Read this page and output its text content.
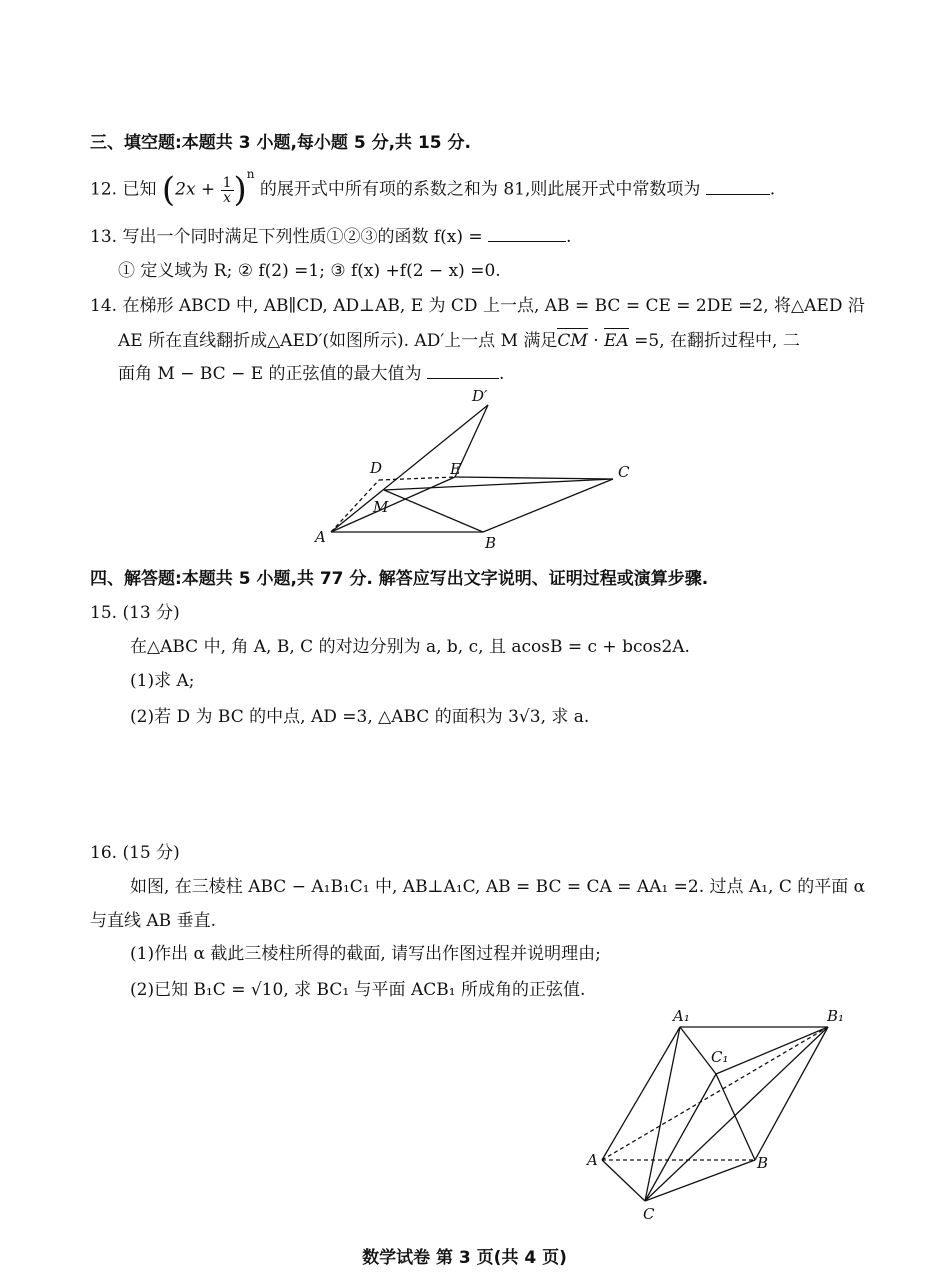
三、填空题:本题共 3 小题,每小题 5 分,共 15 分.
12. 已知 $(2x + \frac{1}{x} )^n$ 的展开式中所有项的系数之和为 81,则此展开式中常数项为	.
13. 写出一个同时满足下列性质①②③的函数 f(x) =	.
① 定义域为 R; ② f(2) =1; ③ f(x) +f(2 − x) =0.
14. 在梯形 ABCD 中, AB∥CD, AD⊥AB, E 为 CD 上一点, AB = BC = CE = 2DE =2, 将△AED 沿
AE 所在直线翻折成△AED′(如图所示). AD′上一点 M 满足CM · EA =5, 在翻折过程中, 二
面角 M − BC − E 的正弦值的最大值为	.
D′
D	E	C
M
A	B
四、解答题:本题共 5 小题,共 77 分. 解答应写出文字说明、证明过程或演算步骤.
15. (13 分)
在△ABC 中, 角 A, B, C 的对边分别为 a, b, c, 且 acosB = c + bcos2A.
(1)求 A;
(2)若 D 为 BC 的中点, AD =3, △ABC 的面积为 3√3, 求 a.
16. (15 分)
如图, 在三棱柱 ABC − A₁B₁C₁ 中, AB⊥A₁C, AB = BC = CA = AA₁ =2. 过点 A₁, C 的平面 α
与直线 AB 垂直.
(1)作出 α 截此三棱柱所得的截面, 请写出作图过程并说明理由;
(2)已知 B₁C = √10, 求 BC₁ 与平面 ACB₁ 所成角的正弦值.
A₁	B₁
C₁
A	B
C
数学试卷 第 3 页(共 4 页)
